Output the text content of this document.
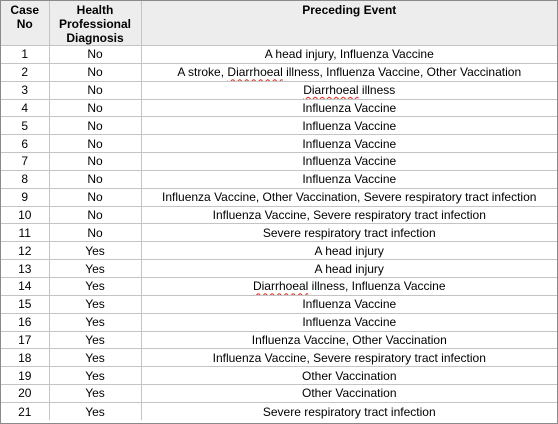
Case No	Health Professional Diagnosis	Preceding Event
1	No	A head injury, Influenza Vaccine
2	No	A stroke, Diarrhoeal illness, Influenza Vaccine, Other Vaccination
3	No	Diarrhoeal illness
4	No	Influenza Vaccine
5	No	Influenza Vaccine
6	No	Influenza Vaccine
7	No	Influenza Vaccine
8	No	Influenza Vaccine
9	No	Influenza Vaccine, Other Vaccination, Severe respiratory tract infection
10	No	Influenza Vaccine, Severe respiratory tract infection
11	No	Severe respiratory tract infection
12	Yes	A head injury
13	Yes	A head injury
14	Yes	Diarrhoeal illness, Influenza Vaccine
15	Yes	Influenza Vaccine
16	Yes	Influenza Vaccine
17	Yes	Influenza Vaccine, Other Vaccination
18	Yes	Influenza Vaccine, Severe respiratory tract infection
19	Yes	Other Vaccination
20	Yes	Other Vaccination
21	Yes	Severe respiratory tract infection
